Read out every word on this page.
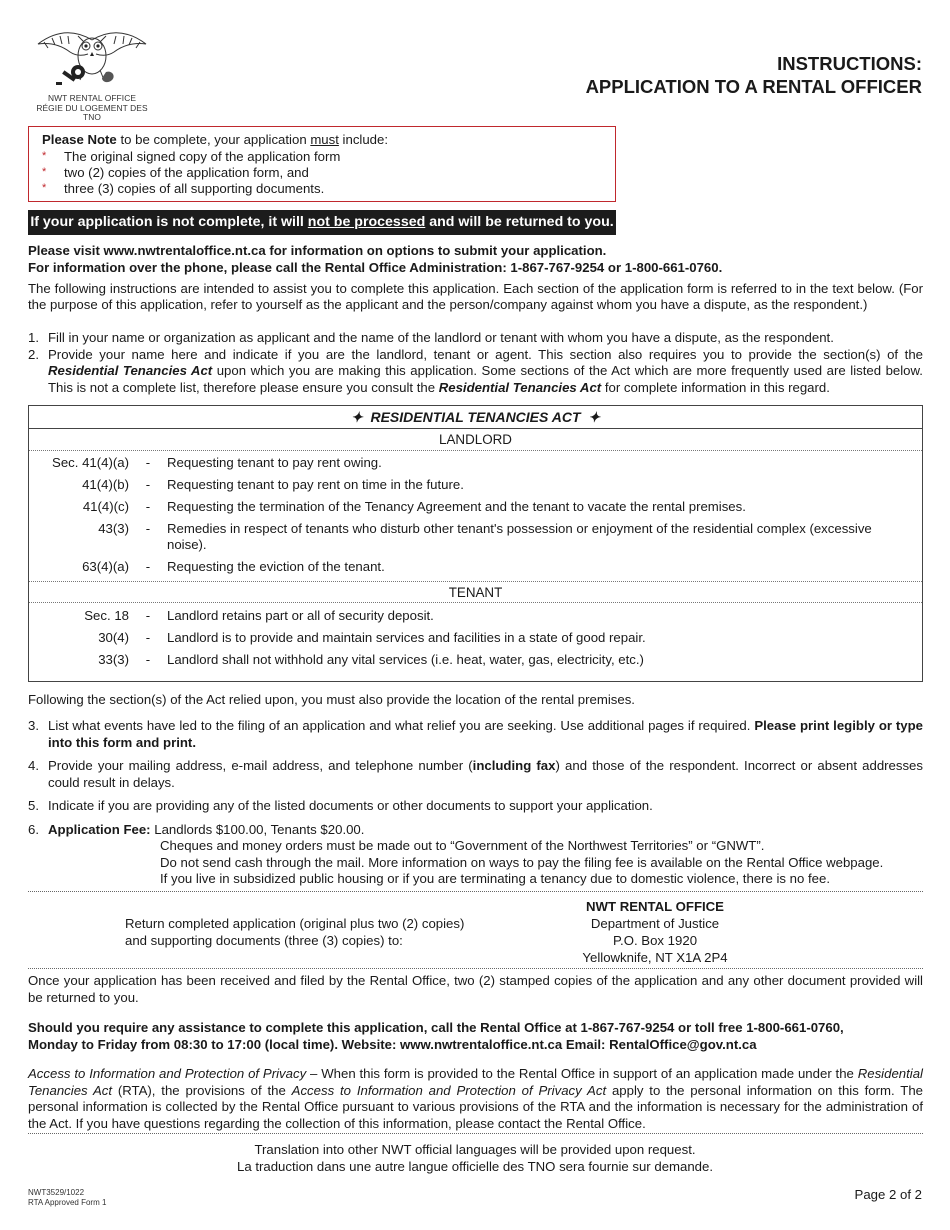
NWT RENTAL OFFICE
RÉGIE DU LOGEMENT DES TNO
INSTRUCTIONS:
APPLICATION TO A RENTAL OFFICER
Please Note to be complete, your application must include:
* The original signed copy of the application form
* two (2) copies of the application form, and
* three (3) copies of all supporting documents.
If your application is not complete, it will not be processed and will be returned to you.
Please visit www.nwtrentaloffice.nt.ca for information on options to submit your application.
For information over the phone, please call the Rental Office Administration: 1-867-767-9254 or 1-800-661-0760.
The following instructions are intended to assist you to complete this application. Each section of the application form is referred to in the text below. (For the purpose of this application, refer to yourself as the applicant and the person/company against whom you have a dispute, as the respondent.)
1. Fill in your name or organization as applicant and the name of the landlord or tenant with whom you have a dispute, as the respondent.
2. Provide your name here and indicate if you are the landlord, tenant or agent. This section also requires you to provide the section(s) of the Residential Tenancies Act upon which you are making this application. Some sections of the Act which are more frequently used are listed below. This is not a complete list, therefore please ensure you consult the Residential Tenancies Act for complete information in this regard.
✦  RESIDENTIAL TENANCIES ACT  ✦
LANDLORD
Sec. 41(4)(a)	-	Requesting tenant to pay rent owing.
41(4)(b)	-	Requesting tenant to pay rent on time in the future.
41(4)(c)	-	Requesting the termination of the Tenancy Agreement and the tenant to vacate the rental premises.
43(3)	-	Remedies in respect of tenants who disturb other tenant's possession or enjoyment of the residential complex (excessive noise).
63(4)(a)	-	Requesting the eviction of the tenant.
TENANT
Sec. 18	-	Landlord retains part or all of security deposit.
30(4)	-	Landlord is to provide and maintain services and facilities in a state of good repair.
33(3)	-	Landlord shall not withhold any vital services (i.e. heat, water, gas, electricity, etc.)
Following the section(s) of the Act relied upon, you must also provide the location of the rental premises.
3. List what events have led to the filing of an application and what relief you are seeking. Use additional pages if required. Please print legibly or type into this form and print.
4. Provide your mailing address, e-mail address, and telephone number (including fax) and those of the respondent. Incorrect or absent addresses could result in delays.
5. Indicate if you are providing any of the listed documents or other documents to support your application.
6. Application Fee: Landlords $100.00, Tenants $20.00.
Cheques and money orders must be made out to “Government of the Northwest Territories” or “GNWT”.
Do not send cash through the mail. More information on ways to pay the filing fee is available on the Rental Office webpage.
If you live in subsidized public housing or if you are terminating a tenancy due to domestic violence, there is no fee.
Return completed application (original plus two (2) copies)
and supporting documents (three (3) copies) to:
NWT RENTAL OFFICE
Department of Justice
P.O. Box 1920
Yellowknife, NT X1A 2P4
Once your application has been received and filed by the Rental Office, two (2) stamped copies of the application and any other document provided will be returned to you.
Should you require any assistance to complete this application, call the Rental Office at 1-867-767-9254 or toll free 1-800-661-0760,
Monday to Friday from 08:30 to 17:00 (local time). Website: www.nwtrentaloffice.nt.ca Email: RentalOffice@gov.nt.ca
Access to Information and Protection of Privacy – When this form is provided to the Rental Office in support of an application made under the Residential Tenancies Act (RTA), the provisions of the Access to Information and Protection of Privacy Act apply to the personal information on this form. The personal information is collected by the Rental Office pursuant to various provisions of the RTA and the information is necessary for the administration of the Act. If you have questions regarding the collection of this information, please contact the Rental Office.
Translation into other NWT official languages will be provided upon request.
La traduction dans une autre langue officielle des TNO sera fournie sur demande.
NWT3529/1022
RTA Approved Form 1	Page 2 of 2
